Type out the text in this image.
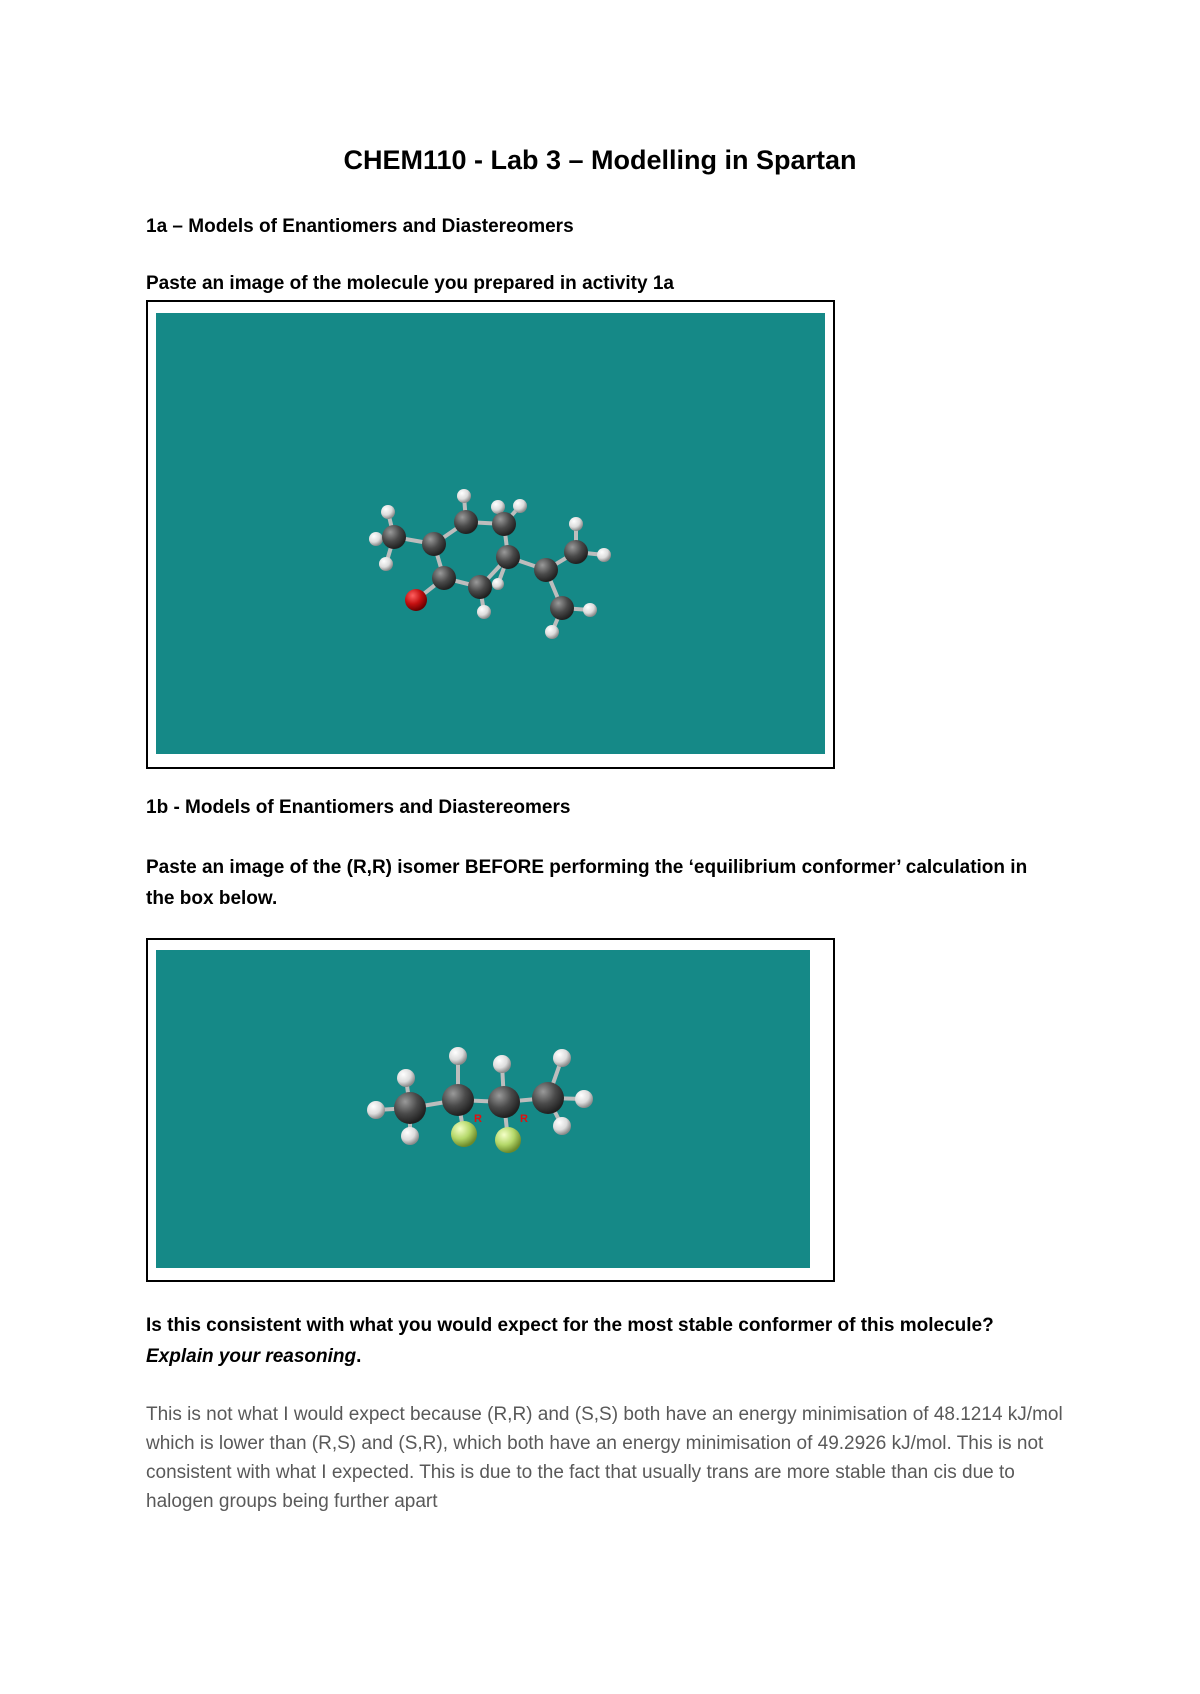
CHEM110 - Lab 3 – Modelling in Spartan

1a – Models of Enantiomers and Diastereomers

Paste an image of the molecule you prepared in activity 1a

1b - Models of Enantiomers and Diastereomers

Paste an image of the (R,R) isomer BEFORE performing the ‘equilibrium conformer’ calculation in the box below.

R	R

Is this consistent with what you would expect for the most stable conformer of this molecule? Explain your reasoning.

This is not what I would expect because (R,R) and (S,S) both have an energy minimisation of 48.1214 kJ/mol which is lower than (R,S) and (S,R), which both have an energy minimisation of 49.2926 kJ/mol. This is not consistent with what I expected. This is due to the fact that usually trans are more stable than cis due to halogen groups being further apart
